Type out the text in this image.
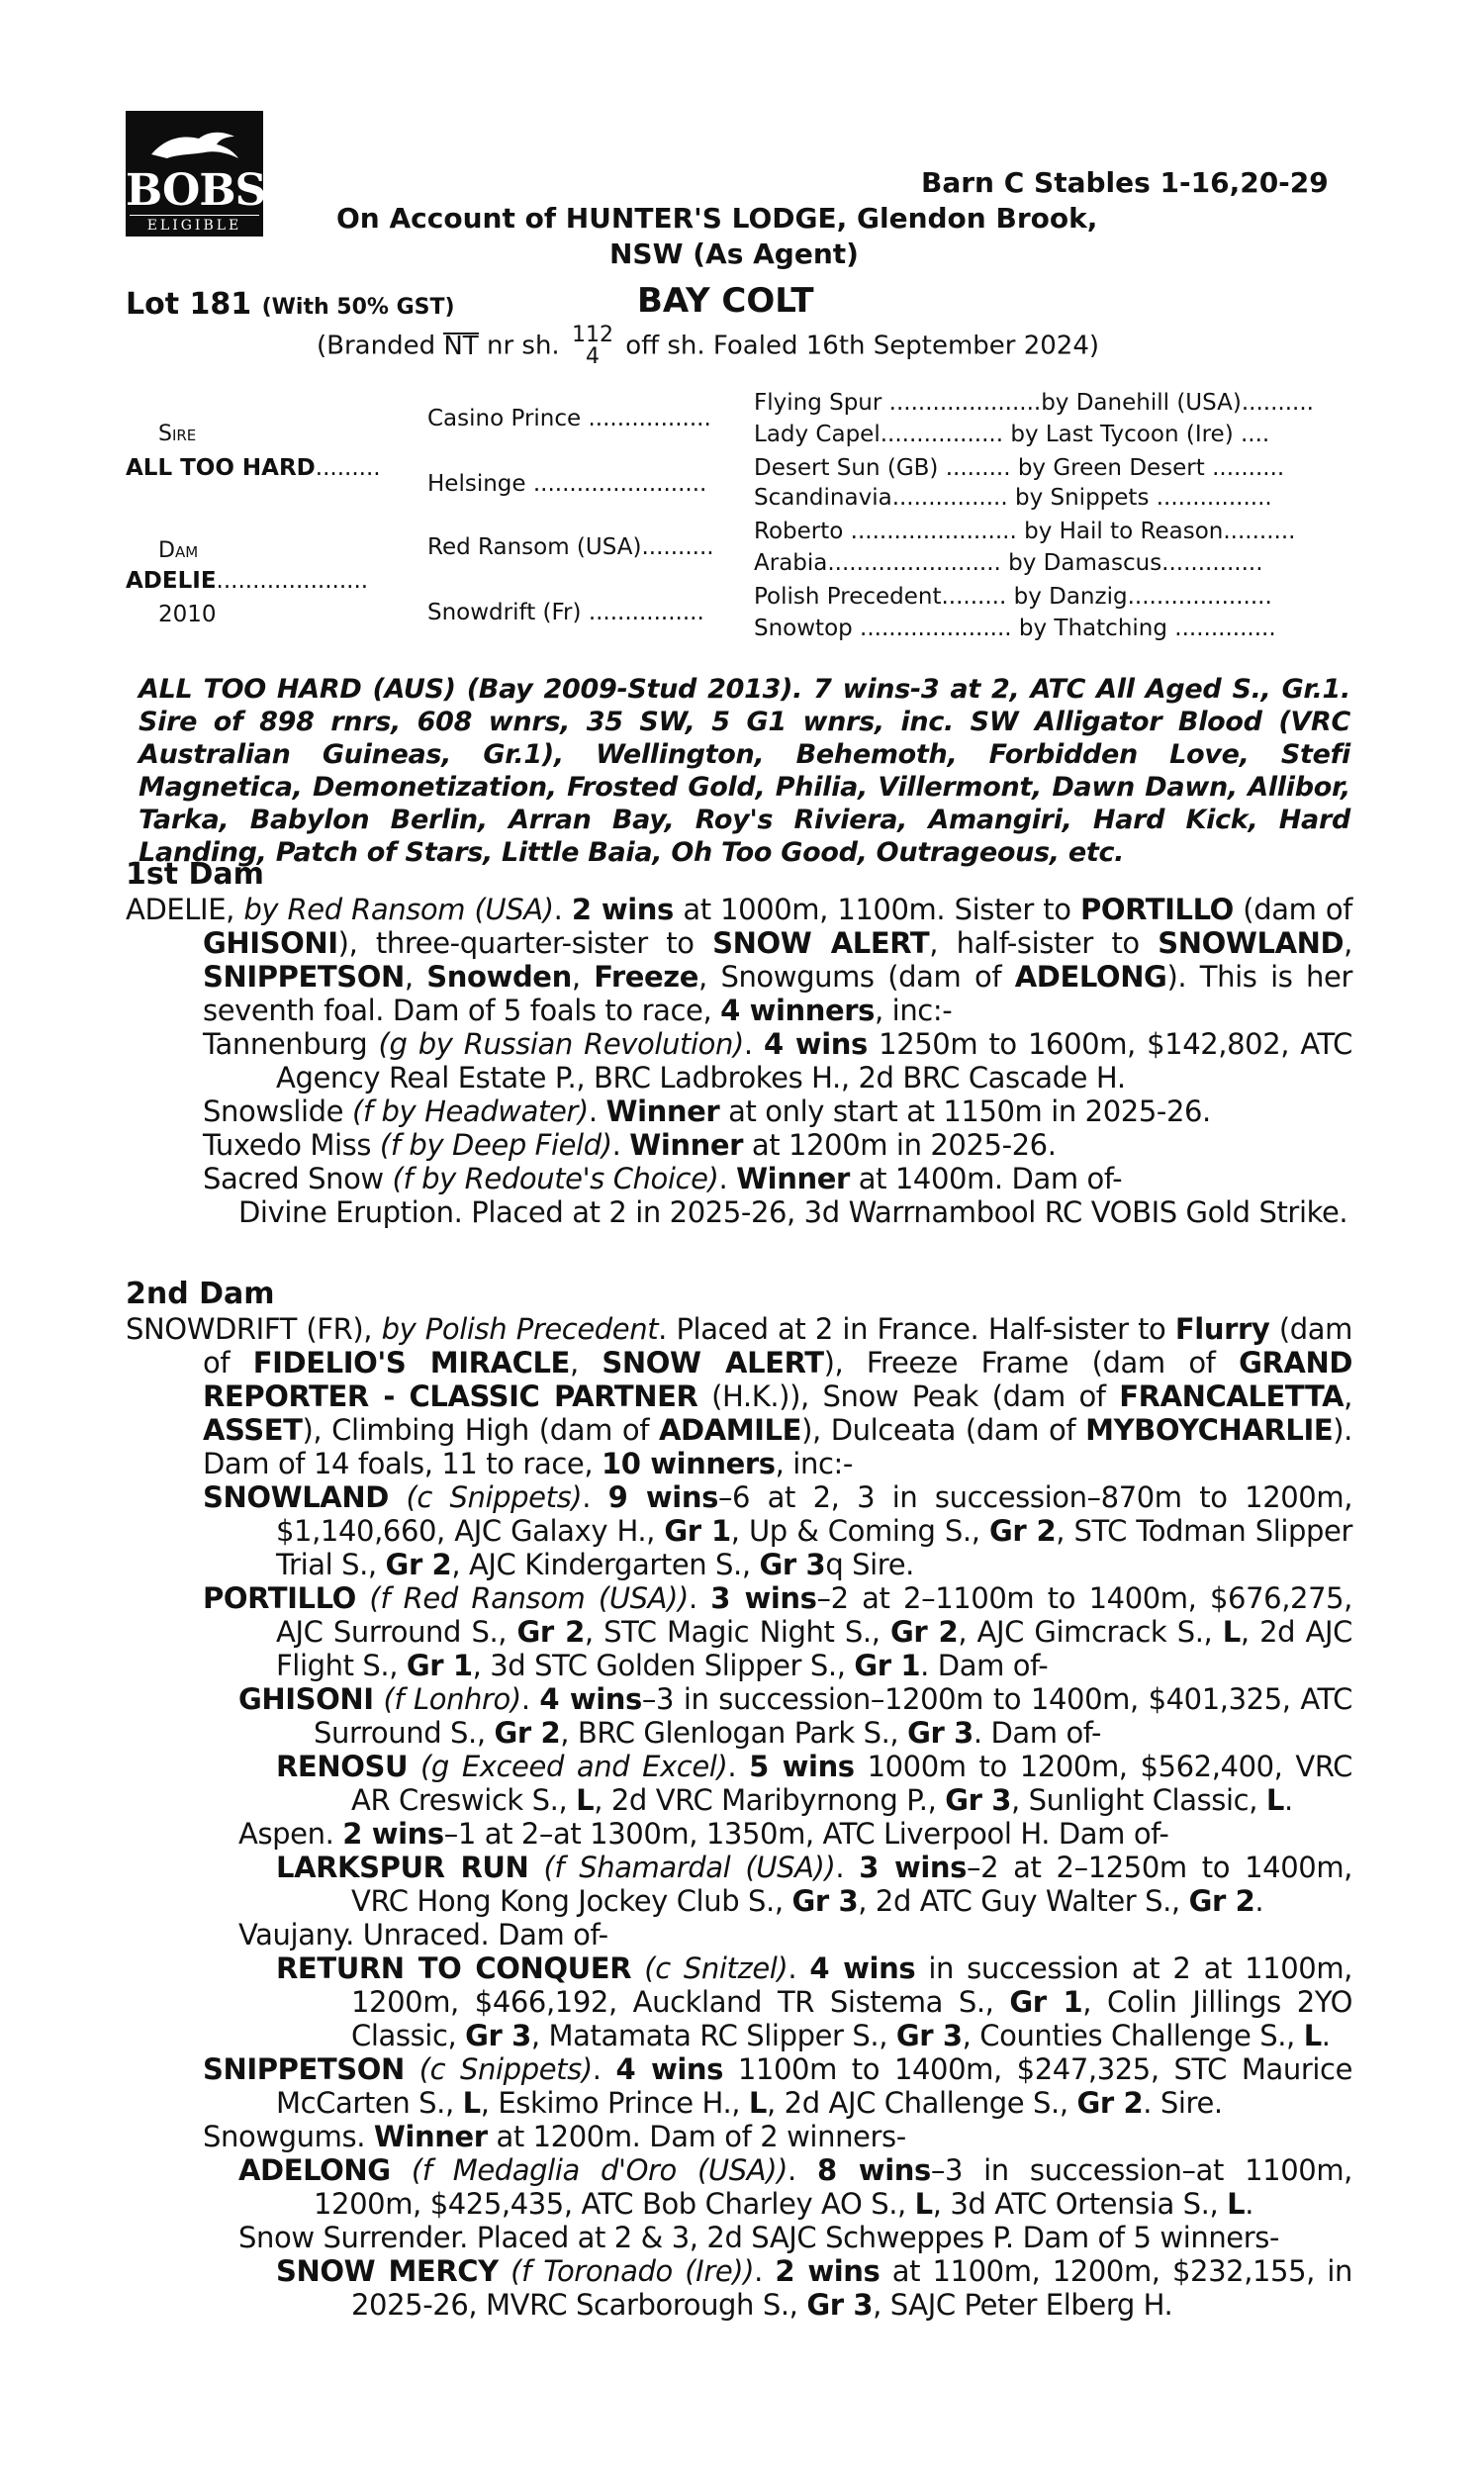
BOBS
ELIGIBLE
Barn C Stables 1-16,20-29
On Account of HUNTER'S LODGE, Glendon Brook,
NSW (As Agent)
Lot 181 (With 50% GST)	BAY COLT
(Branded NT nr sh. 112
4 off sh. Foaled 16th September 2024)
Sire
ALL TOO HARD.........
Dam
ADELIE.....................
2010
Casino Prince .................
Helsinge ........................
Red Ransom (USA)..........
Snowdrift (Fr) ................
Flying Spur .....................by Danehill (USA)..........
Lady Capel................. by Last Tycoon (Ire) ....
Desert Sun (GB) ......... by Green Desert ..........
Scandinavia................ by Snippets ................
Roberto ....................... by Hail to Reason..........
Arabia........................ by Damascus..............
Polish Precedent......... by Danzig....................
Snowtop ..................... by Thatching ..............
ALL TOO HARD (AUS) (Bay 2009-Stud 2013). 7 wins-3 at 2, ATC All Aged S., Gr.1. Sire of 898 rnrs, 608 wnrs, 35 SW, 5 G1 wnrs, inc. SW Alligator Blood (VRC Australian Guineas, Gr.1), Wellington, Behemoth, Forbidden Love, Stefi Magnetica, Demonetization, Frosted Gold, Philia, Villermont, Dawn Dawn, Allibor, Tarka, Babylon Berlin, Arran Bay, Roy's Riviera, Amangiri, Hard Kick, Hard Landing, Patch of Stars, Little Baia, Oh Too Good, Outrageous, etc.
1st Dam

ADELIE, by Red Ransom (USA). 2 wins at 1000m, 1100m. Sister to PORTILLO (dam of GHISONI), three-quarter-sister to SNOW ALERT, half-sister to SNOWLAND, SNIPPETSON, Snowden, Freeze, Snowgums (dam of ADELONG). This is her seventh foal. Dam of 5 foals to race, 4 winners, inc:-

Tannenburg (g by Russian Revolution). 4 wins 1250m to 1600m, $142,802, ATC Agency Real Estate P., BRC Ladbrokes H., 2d BRC Cascade H.

Snowslide (f by Headwater). Winner at only start at 1150m in 2025-26.

Tuxedo Miss (f by Deep Field). Winner at 1200m in 2025-26.

Sacred Snow (f by Redoute's Choice). Winner at 1400m. Dam of-

Divine Eruption. Placed at 2 in 2025-26, 3d Warrnambool RC VOBIS Gold Strike.

2nd Dam

SNOWDRIFT (FR), by Polish Precedent. Placed at 2 in France. Half-sister to Flurry (dam of FIDELIO'S MIRACLE, SNOW ALERT), Freeze Frame (dam of GRAND REPORTER - CLASSIC PARTNER (H.K.)), Snow Peak (dam of FRANCALETTA, ASSET), Climbing High (dam of ADAMILE), Dulceata (dam of MYBOYCHARLIE). Dam of 14 foals, 11 to race, 10 winners, inc:-

SNOWLAND (c Snippets). 9 wins–6 at 2, 3 in succession–870m to 1200m, $1,140,660, AJC Galaxy H., Gr 1, Up & Coming S., Gr 2, STC Todman Slipper Trial S., Gr 2, AJC Kindergarten S., Gr 3q Sire.

PORTILLO (f Red Ransom (USA)). 3 wins–2 at 2–1100m to 1400m, $676,275, AJC Surround S., Gr 2, STC Magic Night S., Gr 2, AJC Gimcrack S., L, 2d AJC Flight S., Gr 1, 3d STC Golden Slipper S., Gr 1. Dam of-

GHISONI (f Lonhro). 4 wins–3 in succession–1200m to 1400m, $401,325, ATC Surround S., Gr 2, BRC Glenlogan Park S., Gr 3. Dam of-

RENOSU (g Exceed and Excel). 5 wins 1000m to 1200m, $562,400, VRC AR Creswick S., L, 2d VRC Maribyrnong P., Gr 3, Sunlight Classic, L.

Aspen. 2 wins–1 at 2–at 1300m, 1350m, ATC Liverpool H. Dam of-

LARKSPUR RUN (f Shamardal (USA)). 3 wins–2 at 2–1250m to 1400m, VRC Hong Kong Jockey Club S., Gr 3, 2d ATC Guy Walter S., Gr 2.

Vaujany. Unraced. Dam of-

RETURN TO CONQUER (c Snitzel). 4 wins in succession at 2 at 1100m, 1200m, $466,192, Auckland TR Sistema S., Gr 1, Colin Jillings 2YO Classic, Gr 3, Matamata RC Slipper S., Gr 3, Counties Challenge S., L.

SNIPPETSON (c Snippets). 4 wins 1100m to 1400m, $247,325, STC Maurice McCarten S., L, Eskimo Prince H., L, 2d AJC Challenge S., Gr 2. Sire.

Snowgums. Winner at 1200m. Dam of 2 winners-

ADELONG (f Medaglia d'Oro (USA)). 8 wins–3 in succession–at 1100m, 1200m, $425,435, ATC Bob Charley AO S., L, 3d ATC Ortensia S., L.

Snow Surrender. Placed at 2 & 3, 2d SAJC Schweppes P. Dam of 5 winners-

SNOW MERCY (f Toronado (Ire)). 2 wins at 1100m, 1200m, $232,155, in 2025-26, MVRC Scarborough S., Gr 3, SAJC Peter Elberg H.
